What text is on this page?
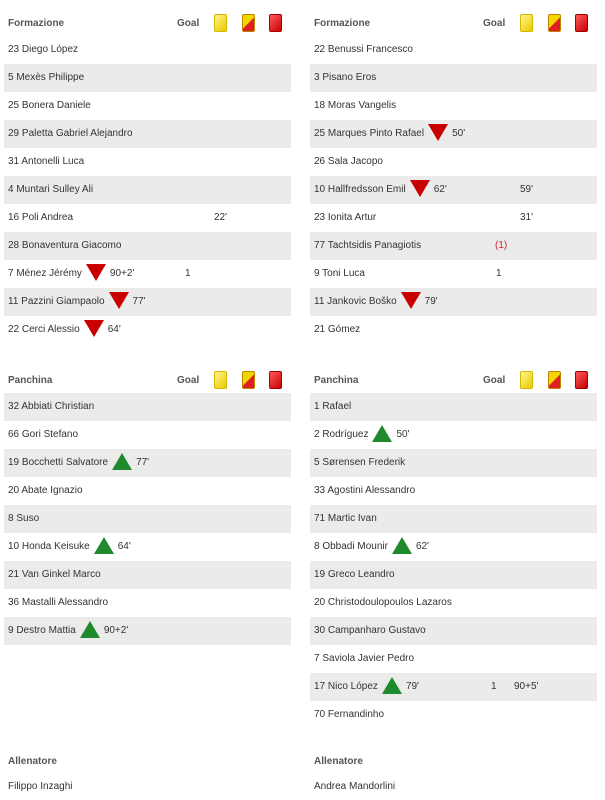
Formazione	Goal
23 Diego López
5 Mexès Philippe
25 Bonera Daniele
29 Paletta Gabriel Alejandro
31 Antonelli Luca
4 Muntari Sulley Ali
16 Poli Andrea	22'
28 Bonaventura Giacomo
7 Ménez Jérémy	90+2'	1
11 Pazzini Giampaolo	77'
22 Cerci Alessio	64'
Formazione	Goal
22 Benussi Francesco
3 Pisano Eros
18 Moras Vangelis
25 Marques Pinto Rafael	50'
26 Sala Jacopo
10 Hallfredsson Emil	62'	59'
23 Ionita Artur	31'
77 Tachtsidis Panagiotis	(1)
9 Toni Luca	1
11 Jankovic Boško	79'
21 Gómez
Panchina	Goal
32 Abbiati Christian
66 Gori Stefano
19 Bocchetti Salvatore	77'
20 Abate Ignazio
8 Suso
10 Honda Keisuke	64'
21 Van Ginkel Marco
36 Mastalli Alessandro
9 Destro Mattia	90+2'
Panchina	Goal
1 Rafael
2 Rodríguez	50'
5 Sørensen Frederik
33 Agostini Alessandro
71 Martic Ivan
8 Obbadi Mounir	62'
19 Greco Leandro
20 Christodoulopoulos Lazaros
30 Campanharo Gustavo
7 Saviola Javier Pedro
17 Nico López	79'	1 90+5'
70 Fernandinho
Allenatore
Filippo Inzaghi
Allenatore
Andrea Mandorlini
